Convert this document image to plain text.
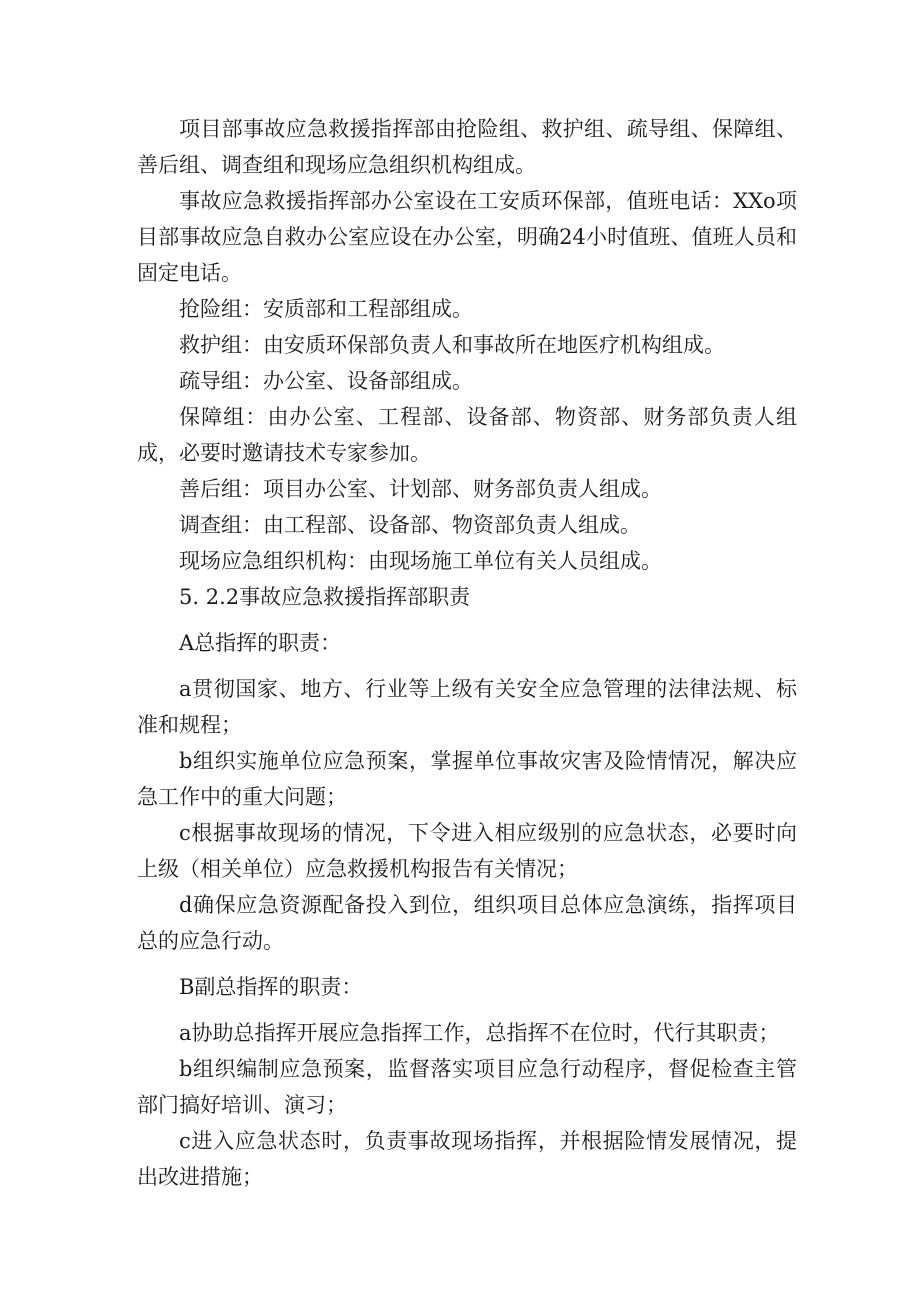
项目部事故应急救援指挥部由抢险组、救护组、疏导组、保障组、善后组、调查组和现场应急组织机构组成。

事故应急救援指挥部办公室设在工安质环保部，值班电话：XXo项目部事故应急自救办公室应设在办公室，明确24小时值班、值班人员和固定电话。

抢险组：安质部和工程部组成。

救护组：由安质环保部负责人和事故所在地医疗机构组成。

疏导组：办公室、设备部组成。

保障组：由办公室、工程部、设备部、物资部、财务部负责人组成，必要时邀请技术专家参加。

善后组：项目办公室、计划部、财务部负责人组成。

调查组：由工程部、设备部、物资部负责人组成。

现场应急组织机构：由现场施工单位有关人员组成。

5. 2.2事故应急救援指挥部职责

A总指挥的职责：

a贯彻国家、地方、行业等上级有关安全应急管理的法律法规、标准和规程；

b组织实施单位应急预案，掌握单位事故灾害及险情情况，解决应急工作中的重大问题；

c根据事故现场的情况，下令进入相应级别的应急状态，必要时向上级（相关单位）应急救援机构报告有关情况；

d确保应急资源配备投入到位，组织项目总体应急演练，指挥项目总的应急行动。

B副总指挥的职责：

a协助总指挥开展应急指挥工作，总指挥不在位时，代行其职责；

b组织编制应急预案，监督落实项目应急行动程序，督促检查主管部门搞好培训、演习；

c进入应急状态时，负责事故现场指挥，并根据险情发展情况，提出改进措施；
